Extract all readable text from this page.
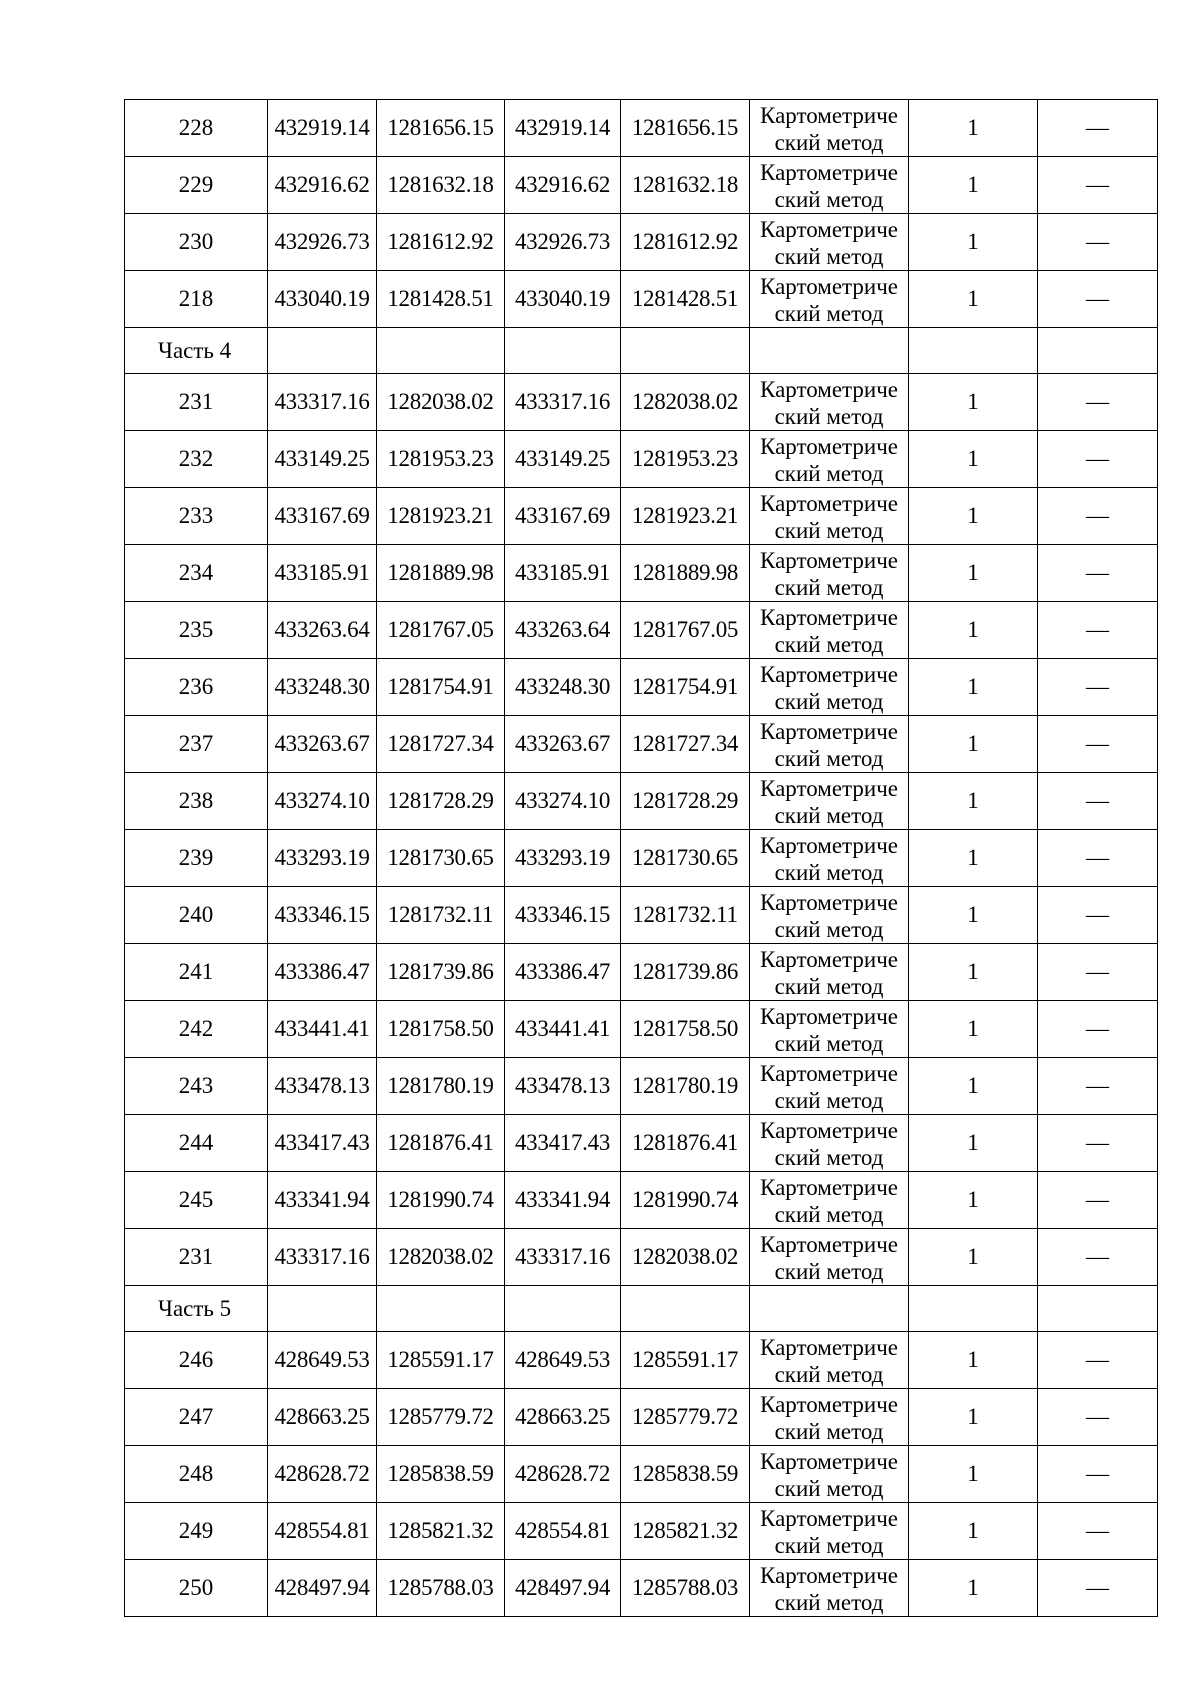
228	432919.14	1281656.15	432919.14	1281656.15	Картометриче
ский метод	1	—
229	432916.62	1281632.18	432916.62	1281632.18	Картометриче
ский метод	1	—
230	432926.73	1281612.92	432926.73	1281612.92	Картометриче
ский метод	1	—
218	433040.19	1281428.51	433040.19	1281428.51	Картометриче
ский метод	1	—
Часть 4							
231	433317.16	1282038.02	433317.16	1282038.02	Картометриче
ский метод	1	—
232	433149.25	1281953.23	433149.25	1281953.23	Картометриче
ский метод	1	—
233	433167.69	1281923.21	433167.69	1281923.21	Картометриче
ский метод	1	—
234	433185.91	1281889.98	433185.91	1281889.98	Картометриче
ский метод	1	—
235	433263.64	1281767.05	433263.64	1281767.05	Картометриче
ский метод	1	—
236	433248.30	1281754.91	433248.30	1281754.91	Картометриче
ский метод	1	—
237	433263.67	1281727.34	433263.67	1281727.34	Картометриче
ский метод	1	—
238	433274.10	1281728.29	433274.10	1281728.29	Картометриче
ский метод	1	—
239	433293.19	1281730.65	433293.19	1281730.65	Картометриче
ский метод	1	—
240	433346.15	1281732.11	433346.15	1281732.11	Картометриче
ский метод	1	—
241	433386.47	1281739.86	433386.47	1281739.86	Картометриче
ский метод	1	—
242	433441.41	1281758.50	433441.41	1281758.50	Картометриче
ский метод	1	—
243	433478.13	1281780.19	433478.13	1281780.19	Картометриче
ский метод	1	—
244	433417.43	1281876.41	433417.43	1281876.41	Картометриче
ский метод	1	—
245	433341.94	1281990.74	433341.94	1281990.74	Картометриче
ский метод	1	—
231	433317.16	1282038.02	433317.16	1282038.02	Картометриче
ский метод	1	—
Часть 5							
246	428649.53	1285591.17	428649.53	1285591.17	Картометриче
ский метод	1	—
247	428663.25	1285779.72	428663.25	1285779.72	Картометриче
ский метод	1	—
248	428628.72	1285838.59	428628.72	1285838.59	Картометриче
ский метод	1	—
249	428554.81	1285821.32	428554.81	1285821.32	Картометриче
ский метод	1	—
250	428497.94	1285788.03	428497.94	1285788.03	Картометриче
ский метод	1	—
